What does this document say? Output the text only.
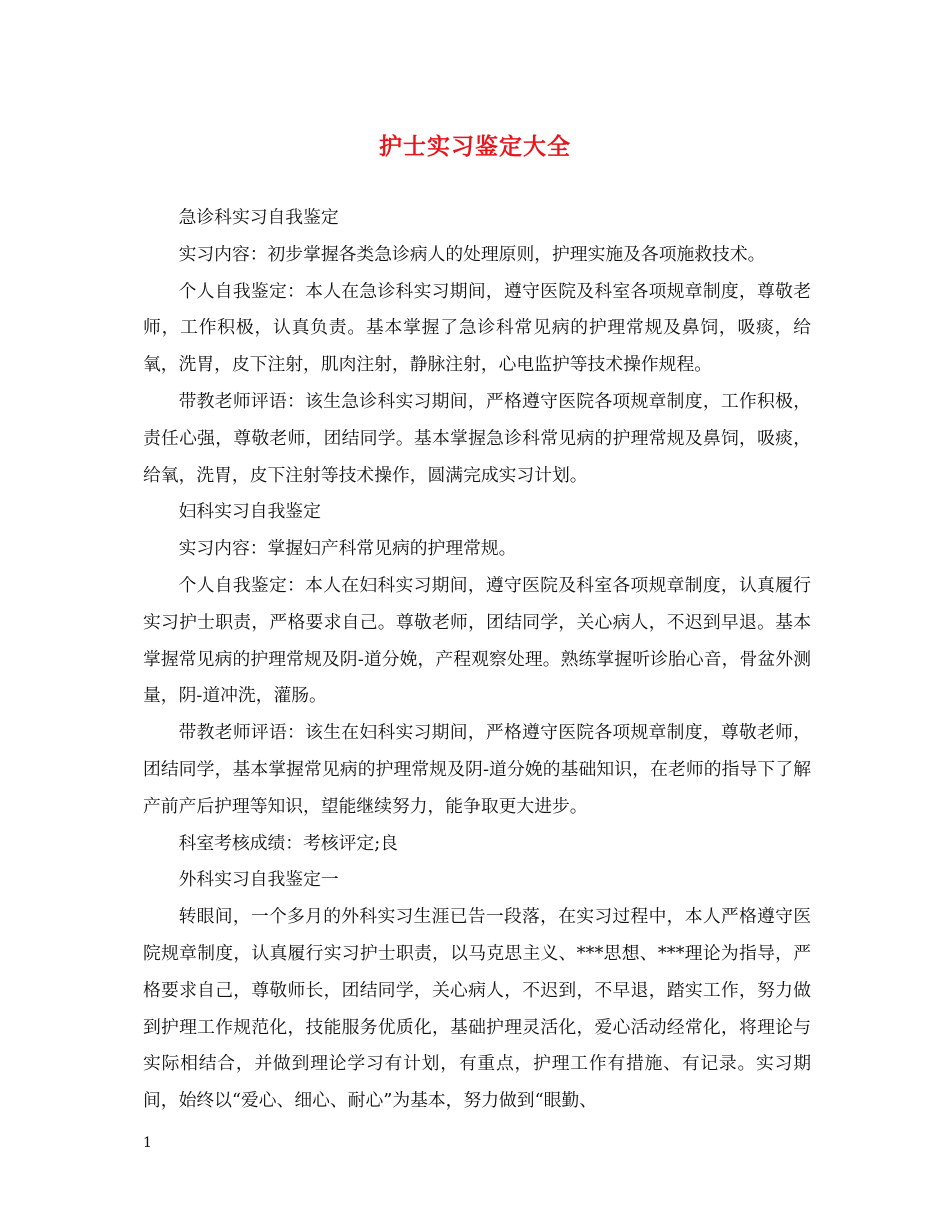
护士实习鉴定大全

急诊科实习自我鉴定

实习内容：初步掌握各类急诊病人的处理原则，护理实施及各项施救技术。

个人自我鉴定：本人在急诊科实习期间，遵守医院及科室各项规章制度，尊敬老师，工作积极，认真负责。基本掌握了急诊科常见病的护理常规及鼻饲，吸痰，给氧，洗胃，皮下注射，肌肉注射，静脉注射，心电监护等技术操作规程。

带教老师评语：该生急诊科实习期间，严格遵守医院各项规章制度，工作积极，责任心强，尊敬老师，团结同学。基本掌握急诊科常见病的护理常规及鼻饲，吸痰，给氧，洗胃，皮下注射等技术操作，圆满完成实习计划。

妇科实习自我鉴定

实习内容：掌握妇产科常见病的护理常规。

个人自我鉴定：本人在妇科实习期间，遵守医院及科室各项规章制度，认真履行实习护士职责，严格要求自己。尊敬老师，团结同学，关心病人，不迟到早退。基本掌握常见病的护理常规及阴-道分娩，产程观察处理。熟练掌握听诊胎心音，骨盆外测量，阴-道冲洗，灌肠。

带教老师评语：该生在妇科实习期间，严格遵守医院各项规章制度，尊敬老师，团结同学，基本掌握常见病的护理常规及阴-道分娩的基础知识，在老师的指导下了解产前产后护理等知识，望能继续努力，能争取更大进步。

科室考核成绩：考核评定;良

外科实习自我鉴定一

转眼间，一个多月的外科实习生涯已告一段落，在实习过程中，本人严格遵守医院规章制度，认真履行实习护士职责，以马克思主义、***思想、***理论为指导，严格要求自己，尊敬师长，团结同学，关心病人，不迟到，不早退，踏实工作，努力做到护理工作规范化，技能服务优质化，基础护理灵活化，爱心活动经常化，将理论与实际相结合，并做到理论学习有计划，有重点，护理工作有措施、有记录。实习期间，始终以“爱心、细心、耐心”为基本，努力做到“眼勤、

1
